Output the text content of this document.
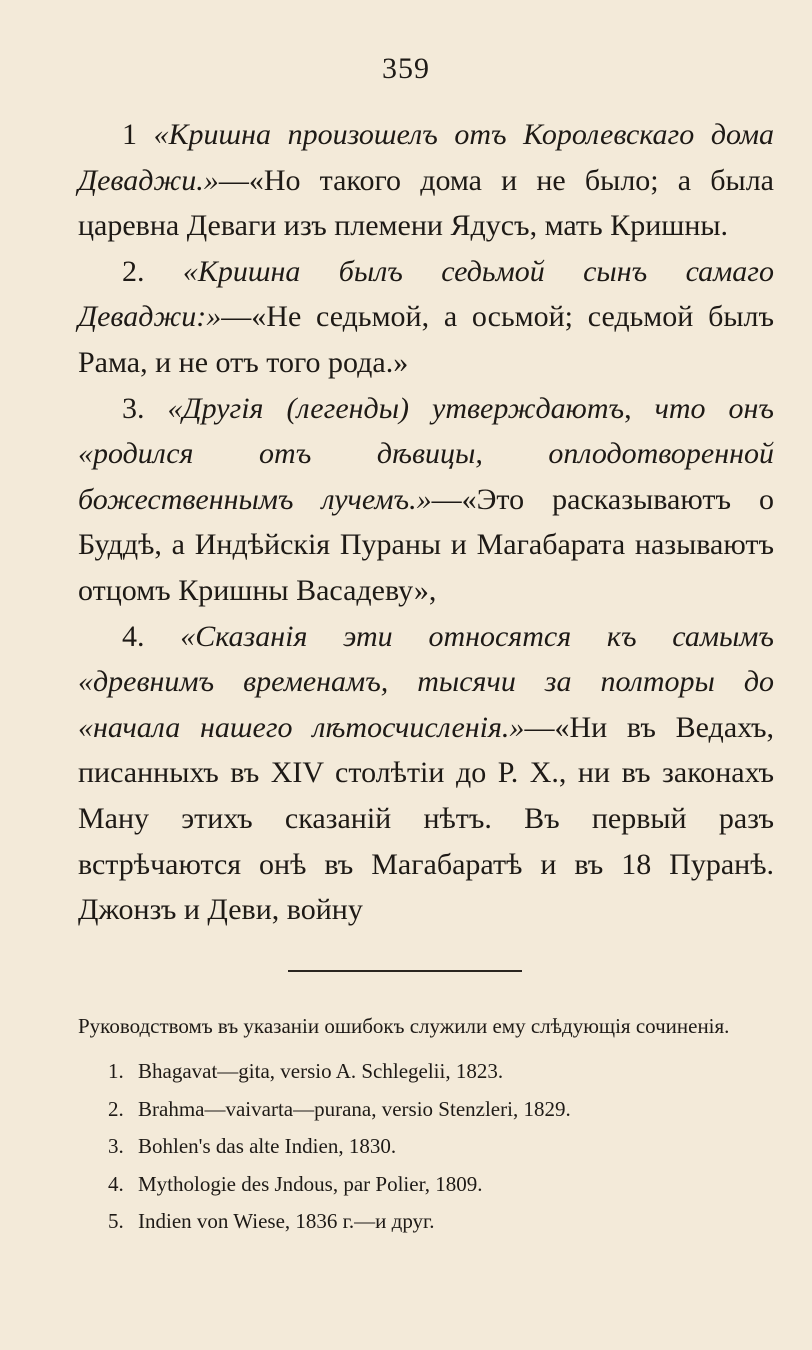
359

1 «Кришна произошелъ отъ Королевскаго дома Деваджи.»—«Но такого дома и не было; а была царевна Деваги изъ племени Ядусъ, мать Кришны.

2. «Кришна былъ седьмой сынъ самаго Деваджи:»—«Не седьмой, а осьмой; седьмой былъ Рама, и не отъ того рода.»

3. «Другія (легенды) утверждаютъ, что онъ «родился отъ дѣвицы, оплодотворенной божественнымъ лучемъ.»—«Это расказываютъ о Буддѣ, а Индѣйскія Пураны и Магабарата называютъ отцомъ Кришны Васадеву»,

4. «Сказанія эти относятся къ самымъ «древнимъ временамъ, тысячи за полторы до «начала нашего лѣтосчисленія.»—«Ни въ Ведахъ, писанныхъ въ XIV столѣтіи до Р. Х., ни въ законахъ Ману этихъ сказаній нѣтъ. Въ первый разъ встрѣчаются онѣ въ Магабаратѣ и въ 18 Пуранѣ. Джонзъ и Деви, войну

Руководствомъ въ указаніи ошибокъ служили ему слѣдующія сочиненія.

1. Bhagavat—gita, versio A. Schlegelii, 1823.
2. Brahma—vaivarta—purana, versio Stenzleri, 1829.
3. Bohlen's das alte Indien, 1830.
4. Mythologie des Jndous, par Polier, 1809.
5. Indien von Wiese, 1836 г.—и друг.
